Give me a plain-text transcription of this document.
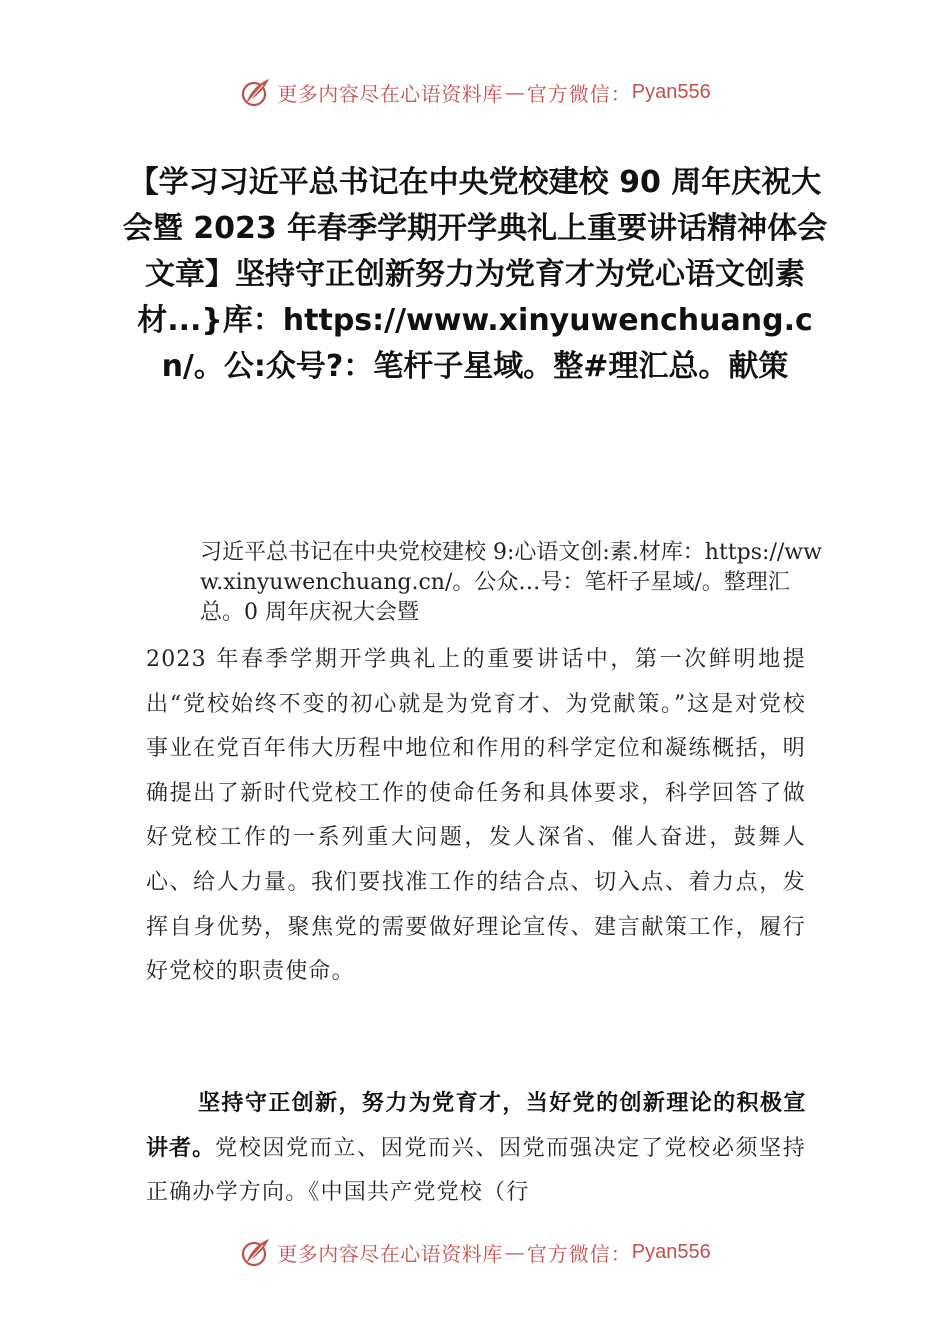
更多内容尽在心语资料库 — 官方微信： Pyan556
【学习习近平总书记在中央党校建校 90 周年庆祝大会暨 2023 年春季学期开学典礼上重要讲话精神体会文章】坚持守正创新努力为党育才为党心语文创素材...}库：https://www.xinyuwenchuang.cn/。公:众号?：笔杆子星域。整#理汇总。献策
习近平总书记在中央党校建校 9:心语文创:素.材库：https://www.xinyuwenchuang.cn/。公众…号：笔杆子星域/。整理汇总。0 周年庆祝大会暨
2023 年春季学期开学典礼上的重要讲话中，第一次鲜明地提出“党校始终不变的初心就是为党育才、为党献策。”这是对党校事业在党百年伟大历程中地位和作用的科学定位和凝练概括，明确提出了新时代党校工作的使命任务和具体要求，科学回答了做好党校工作的一系列重大问题，发人深省、催人奋进，鼓舞人心、给人力量。我们要找准工作的结合点、切入点、着力点，发挥自身优势，聚焦党的需要做好理论宣传、建言献策工作，履行好党校的职责使命。
坚持守正创新，努力为党育才，当好党的创新理论的积极宣讲者。党校因党而立、因党而兴、因党而强决定了党校必须坚持正确办学方向。《中国共产党党校（行
更多内容尽在心语资料库 — 官方微信： Pyan556
